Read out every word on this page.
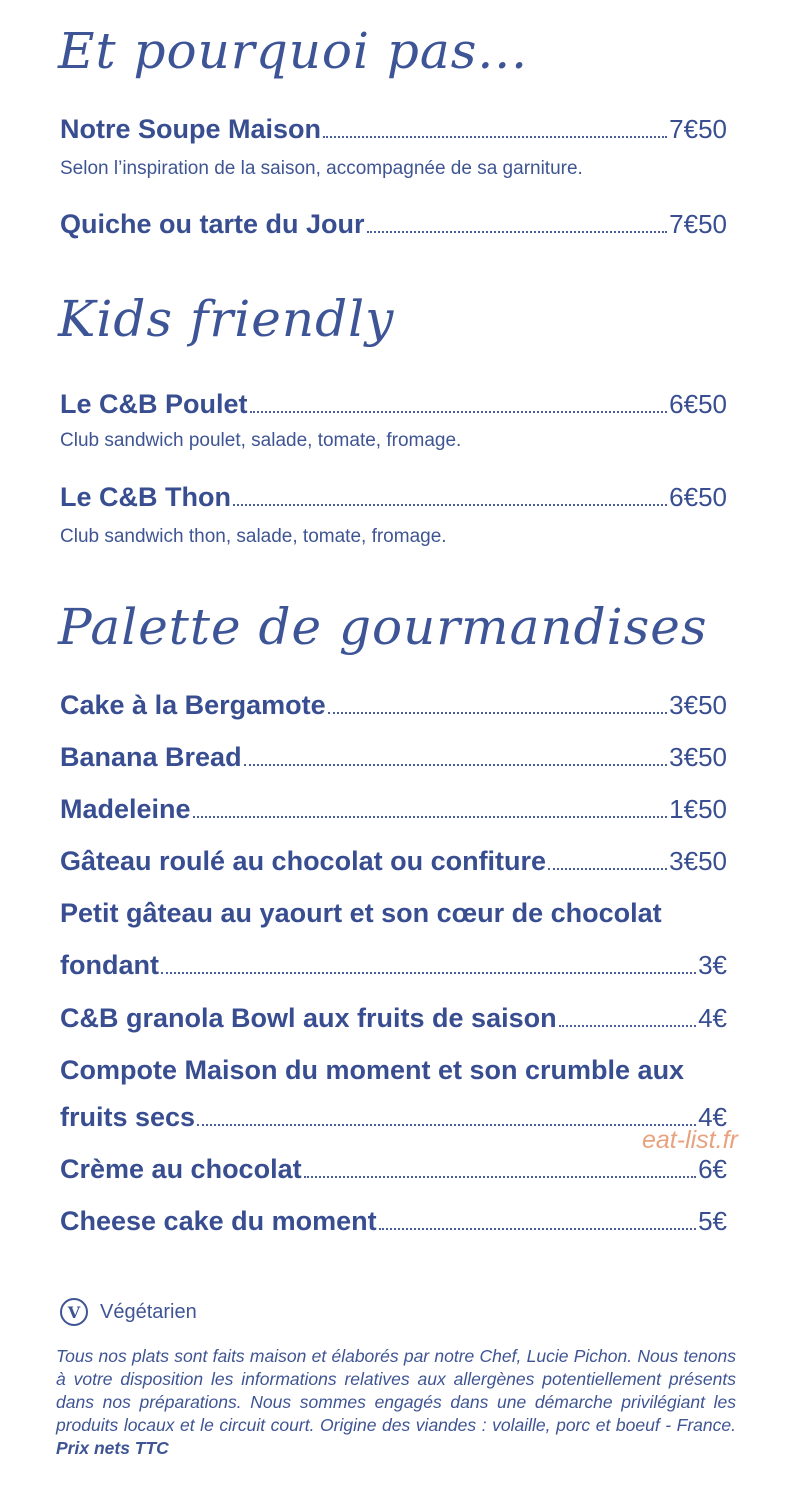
Et pourquoi pas...
Notre Soupe Maison	7€50
Selon l’inspiration de la saison, accompagnée de sa garniture.
Quiche ou tarte du Jour	7€50
Kids friendly
Le C&B Poulet	6€50
Club sandwich poulet, salade, tomate, fromage.
Le C&B Thon	6€50
Club sandwich thon, salade, tomate, fromage.
Palette de gourmandises
Cake à la Bergamote	3€50
Banana Bread	3€50
Madeleine	1€50
Gâteau roulé au chocolat ou confiture	3€50
Petit gâteau au yaourt et son cœur de chocolat
fondant	3€
C&B granola Bowl aux fruits de saison	4€
Compote Maison du moment et son crumble aux
fruits secs	4€
Crème au chocolat	6€
Cheese cake du moment	5€
eat-list.fr
V Végétarien
Tous nos plats sont faits maison et élaborés par notre Chef, Lucie Pichon. Nous tenons à votre disposition les informations relatives aux allergènes potentiellement présents dans nos préparations. Nous sommes engagés dans une démarche privilégiant les produits locaux et le circuit court. Origine des viandes : volaille, porc et boeuf - France. Prix nets TTC
